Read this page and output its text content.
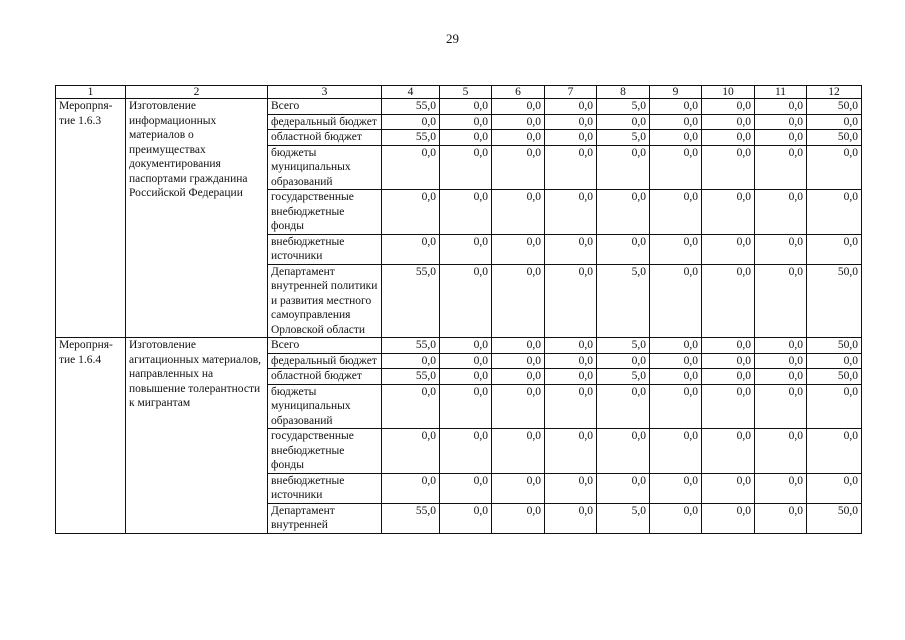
29
1	2	3	4	5	6	7	8	9	10	11	12
Меропрnя-тие 1.6.3	Изготовление информационных материалов о преимуществах документирования паспортами гражданина Российской Федерации	Всего	55,0	0,0	0,0	0,0	5,0	0,0	0,0	0,0	50,0
		федеральный бюджет	0,0	0,0	0,0	0,0	0,0	0,0	0,0	0,0	0,0
		областной бюджет	55,0	0,0	0,0	0,0	5,0	0,0	0,0	0,0	50,0
		бюджеты муниципальных образований	0,0	0,0	0,0	0,0	0,0	0,0	0,0	0,0	0,0
		государственные внебюджетные фонды	0,0	0,0	0,0	0,0	0,0	0,0	0,0	0,0	0,0
		внебюджетные источники	0,0	0,0	0,0	0,0	0,0	0,0	0,0	0,0	0,0
		Департамент внутренней политики и развития местного самоуправления Орловской области	55,0	0,0	0,0	0,0	5,0	0,0	0,0	0,0	50,0
Меропрня-тие 1.6.4	Изготовление агитационных материалов, направленных на повышение толерантности к мигрантам	Всего	55,0	0,0	0,0	0,0	5,0	0,0	0,0	0,0	50,0
		федеральный бюджет	0,0	0,0	0,0	0,0	0,0	0,0	0,0	0,0	0,0
		областной бюджет	55,0	0,0	0,0	0,0	5,0	0,0	0,0	0,0	50,0
		бюджеты муниципальных образований	0,0	0,0	0,0	0,0	0,0	0,0	0,0	0,0	0,0
		государственные внебюджетные фонды	0,0	0,0	0,0	0,0	0,0	0,0	0,0	0,0	0,0
		внебюджетные источники	0,0	0,0	0,0	0,0	0,0	0,0	0,0	0,0	0,0
		Департамент внутренней	55,0	0,0	0,0	0,0	5,0	0,0	0,0	0,0	50,0
